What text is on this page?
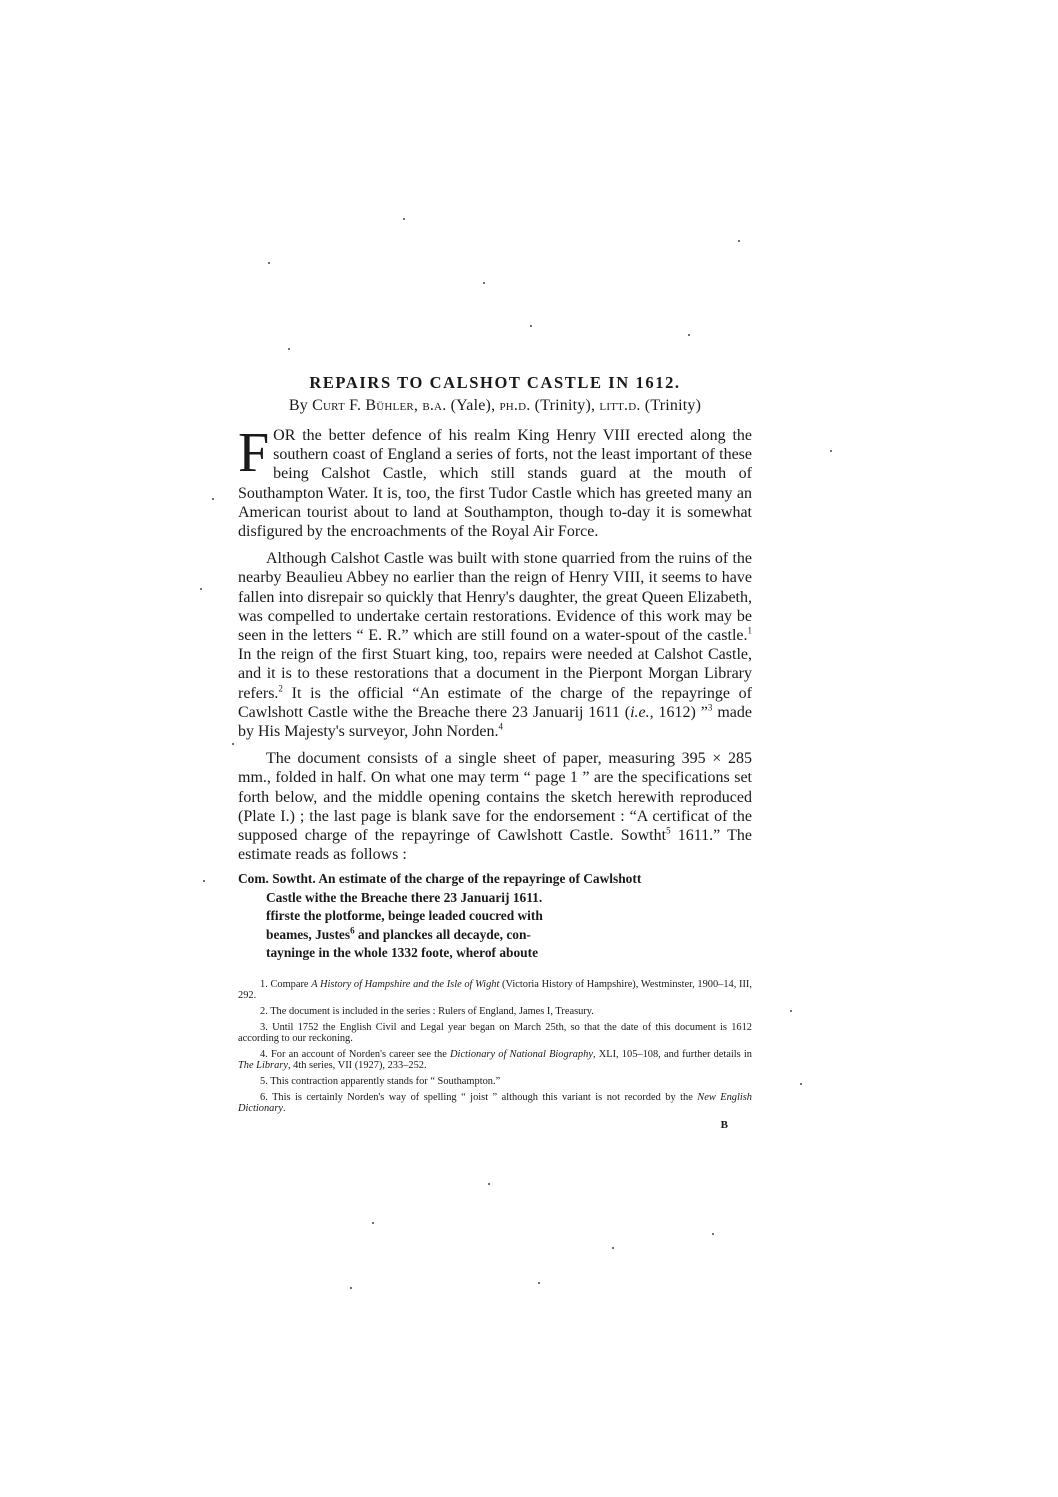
REPAIRS TO CALSHOT CASTLE IN 1612.

By Curt F. Bühler, b.a. (Yale), ph.d. (Trinity), litt.d. (Trinity)

FOR the better defence of his realm King Henry VIII erected along the southern coast of England a series of forts, not the least important of these being Calshot Castle, which still stands guard at the mouth of Southampton Water. It is, too, the first Tudor Castle which has greeted many an American tourist about to land at Southampton, though to-day it is somewhat disfigured by the encroachments of the Royal Air Force.

Although Calshot Castle was built with stone quarried from the ruins of the nearby Beaulieu Abbey no earlier than the reign of Henry VIII, it seems to have fallen into disrepair so quickly that Henry's daughter, the great Queen Elizabeth, was compelled to undertake certain restorations. Evidence of this work may be seen in the letters “ E. R.” which are still found on a water-spout of the castle.$^1$ In the reign of the first Stuart king, too, repairs were needed at Calshot Castle, and it is to these restorations that a document in the Pierpont Morgan Library refers.$^2$ It is the official “An estimate of the charge of the repayringe of Cawlshott Castle withe the Breache there 23 Januarij 1611 (i.e., 1612) ”$^3$ made by His Majesty's surveyor, John Norden.$^4$

The document consists of a single sheet of paper, measuring 395 × 285 mm., folded in half. On what one may term “ page 1 ” are the specifications set forth below, and the middle opening contains the sketch herewith reproduced (Plate I.) ; the last page is blank save for the endorsement : “A certificat of the supposed charge of the repayringe of Cawlshott Castle. Sowtht$^5$ 1611.” The estimate reads as follows :

Com. Sowtht. An estimate of the charge of the repayringe of Cawlshott
Castle withe the Breache there 23 Januarij 1611.
ffirste the plotforme, beinge leaded coucred with
beames, Justes$^6$ and planckes all decayde, con-
tayninge in the whole 1332 foote, wherof aboute

1. Compare A History of Hampshire and the Isle of Wight (Victoria History of Hampshire), Westminster, 1900–14, III, 292.

2. The document is included in the series : Rulers of England, James I, Treasury.

3. Until 1752 the English Civil and Legal year began on March 25th, so that the date of this document is 1612 according to our reckoning.

4. For an account of Norden's career see the Dictionary of National Biography, XLI, 105–108, and further details in The Library, 4th series, VII (1927), 233–252.

5. This contraction apparently stands for “ Southampton.”

6. This is certainly Norden's way of spelling “ joist ” although this variant is not recorded by the New English Dictionary.

B
